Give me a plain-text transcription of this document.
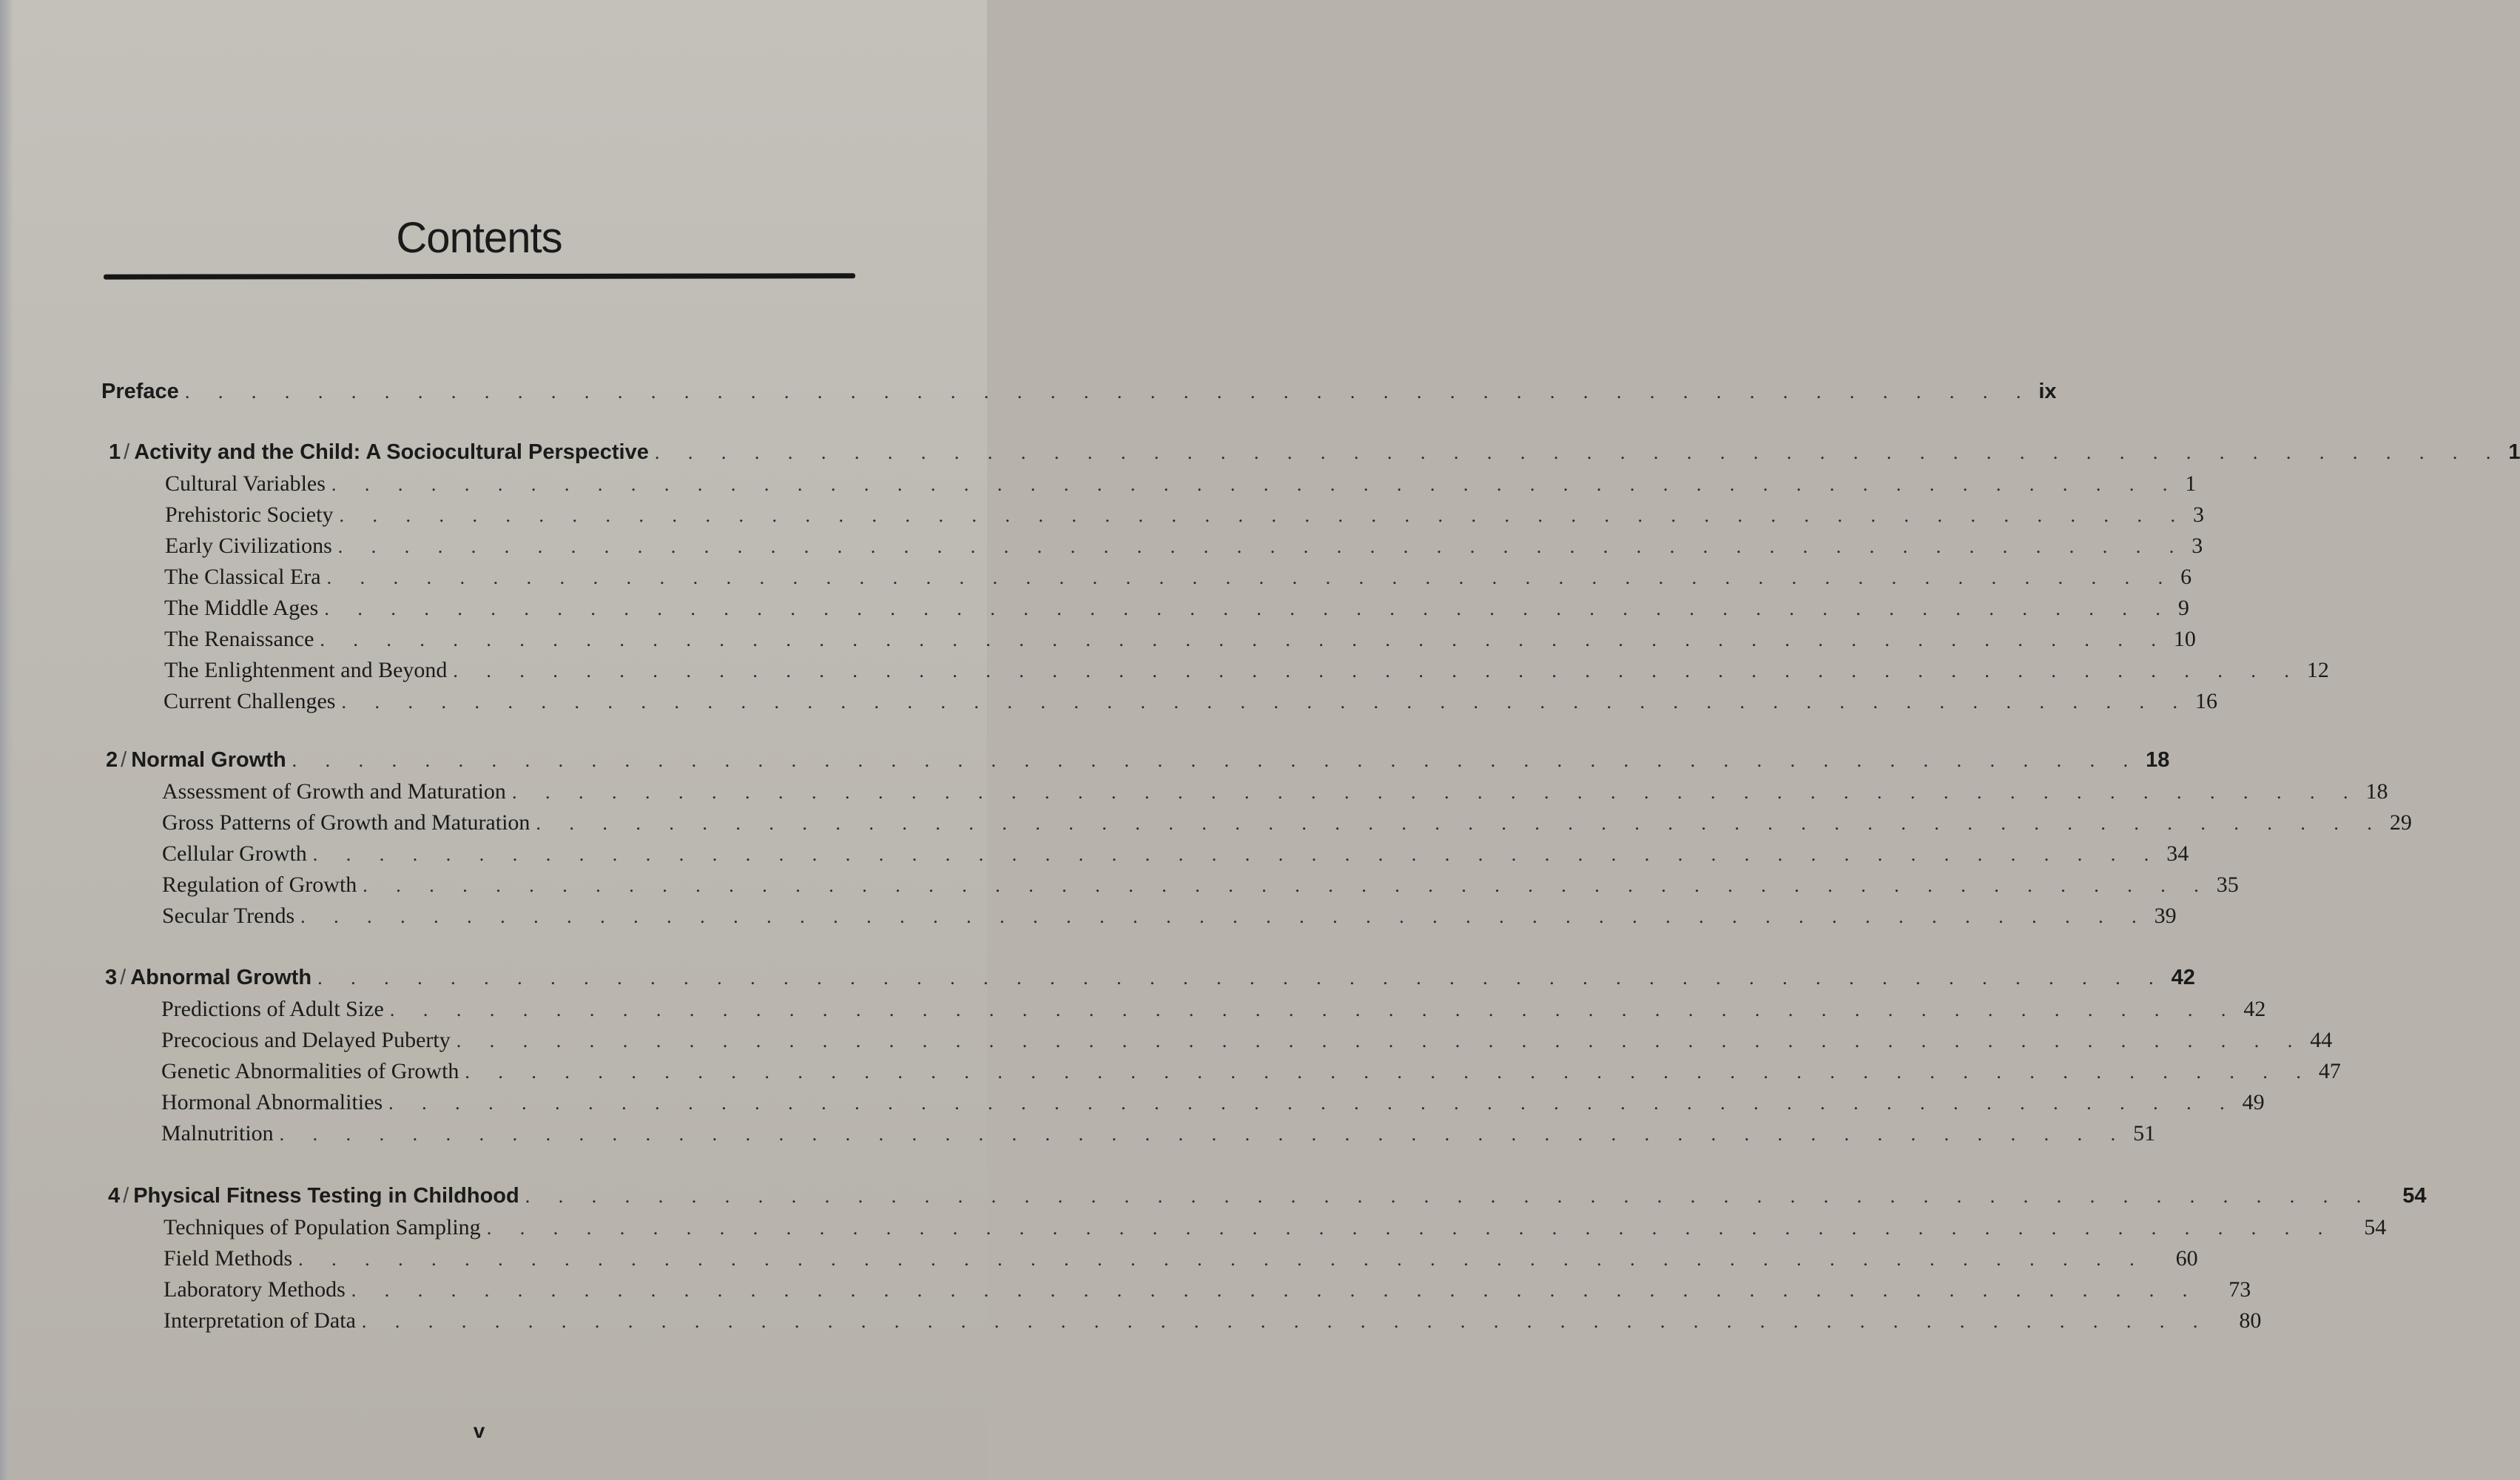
Contents
Preface . . . . . . . . . . . . . . . . . . . . . . . . . . . . . . . . . . . . . . . . . . . . . . . . . . . . . . . . ix
1 / Activity and the Child: A Sociocultural Perspective . . . . . . . . . . . . . . . . . . . . . . . . . . . . . . . . . . . . . . . . . . . . . . . . . . . . . . . . 1
Cultural Variables . . . . . . . . . . . . . . . . . . . . . . . . . . . . . . . . . . . . . . . . . . . . . . . . . . . . . . . . 1
Prehistoric Society . . . . . . . . . . . . . . . . . . . . . . . . . . . . . . . . . . . . . . . . . . . . . . . . . . . . . . . . 3
Early Civilizations . . . . . . . . . . . . . . . . . . . . . . . . . . . . . . . . . . . . . . . . . . . . . . . . . . . . . . . . 3
The Classical Era . . . . . . . . . . . . . . . . . . . . . . . . . . . . . . . . . . . . . . . . . . . . . . . . . . . . . . . . 6
The Middle Ages . . . . . . . . . . . . . . . . . . . . . . . . . . . . . . . . . . . . . . . . . . . . . . . . . . . . . . . . 9
The Renaissance . . . . . . . . . . . . . . . . . . . . . . . . . . . . . . . . . . . . . . . . . . . . . . . . . . . . . . . . 10
The Enlightenment and Beyond . . . . . . . . . . . . . . . . . . . . . . . . . . . . . . . . . . . . . . . . . . . . . . . . . . . . . . . . 12
Current Challenges . . . . . . . . . . . . . . . . . . . . . . . . . . . . . . . . . . . . . . . . . . . . . . . . . . . . . . . . 16
2 / Normal Growth . . . . . . . . . . . . . . . . . . . . . . . . . . . . . . . . . . . . . . . . . . . . . . . . . . . . . . . . 18
Assessment of Growth and Maturation . . . . . . . . . . . . . . . . . . . . . . . . . . . . . . . . . . . . . . . . . . . . . . . . . . . . . . . . 18
Gross Patterns of Growth and Maturation . . . . . . . . . . . . . . . . . . . . . . . . . . . . . . . . . . . . . . . . . . . . . . . . . . . . . . . . 29
Cellular Growth . . . . . . . . . . . . . . . . . . . . . . . . . . . . . . . . . . . . . . . . . . . . . . . . . . . . . . . . 34
Regulation of Growth . . . . . . . . . . . . . . . . . . . . . . . . . . . . . . . . . . . . . . . . . . . . . . . . . . . . . . . . 35
Secular Trends . . . . . . . . . . . . . . . . . . . . . . . . . . . . . . . . . . . . . . . . . . . . . . . . . . . . . . . . 39
3 / Abnormal Growth . . . . . . . . . . . . . . . . . . . . . . . . . . . . . . . . . . . . . . . . . . . . . . . . . . . . . . . . 42
Predictions of Adult Size . . . . . . . . . . . . . . . . . . . . . . . . . . . . . . . . . . . . . . . . . . . . . . . . . . . . . . . . 42
Precocious and Delayed Puberty . . . . . . . . . . . . . . . . . . . . . . . . . . . . . . . . . . . . . . . . . . . . . . . . . . . . . . . . 44
Genetic Abnormalities of Growth . . . . . . . . . . . . . . . . . . . . . . . . . . . . . . . . . . . . . . . . . . . . . . . . . . . . . . . . 47
Hormonal Abnormalities . . . . . . . . . . . . . . . . . . . . . . . . . . . . . . . . . . . . . . . . . . . . . . . . . . . . . . . . 49
Malnutrition . . . . . . . . . . . . . . . . . . . . . . . . . . . . . . . . . . . . . . . . . . . . . . . . . . . . . . . . 51
4 / Physical Fitness Testing in Childhood . . . . . . . . . . . . . . . . . . . . . . . . . . . . . . . . . . . . . . . . . . . . . . . . . . . . . . . . 54
Techniques of Population Sampling . . . . . . . . . . . . . . . . . . . . . . . . . . . . . . . . . . . . . . . . . . . . . . . . . . . . . . . . 54
Field Methods . . . . . . . . . . . . . . . . . . . . . . . . . . . . . . . . . . . . . . . . . . . . . . . . . . . . . . . . 60
Laboratory Methods . . . . . . . . . . . . . . . . . . . . . . . . . . . . . . . . . . . . . . . . . . . . . . . . . . . . . . . . 73
Interpretation of Data . . . . . . . . . . . . . . . . . . . . . . . . . . . . . . . . . . . . . . . . . . . . . . . . . . . . . . . . 80
v
